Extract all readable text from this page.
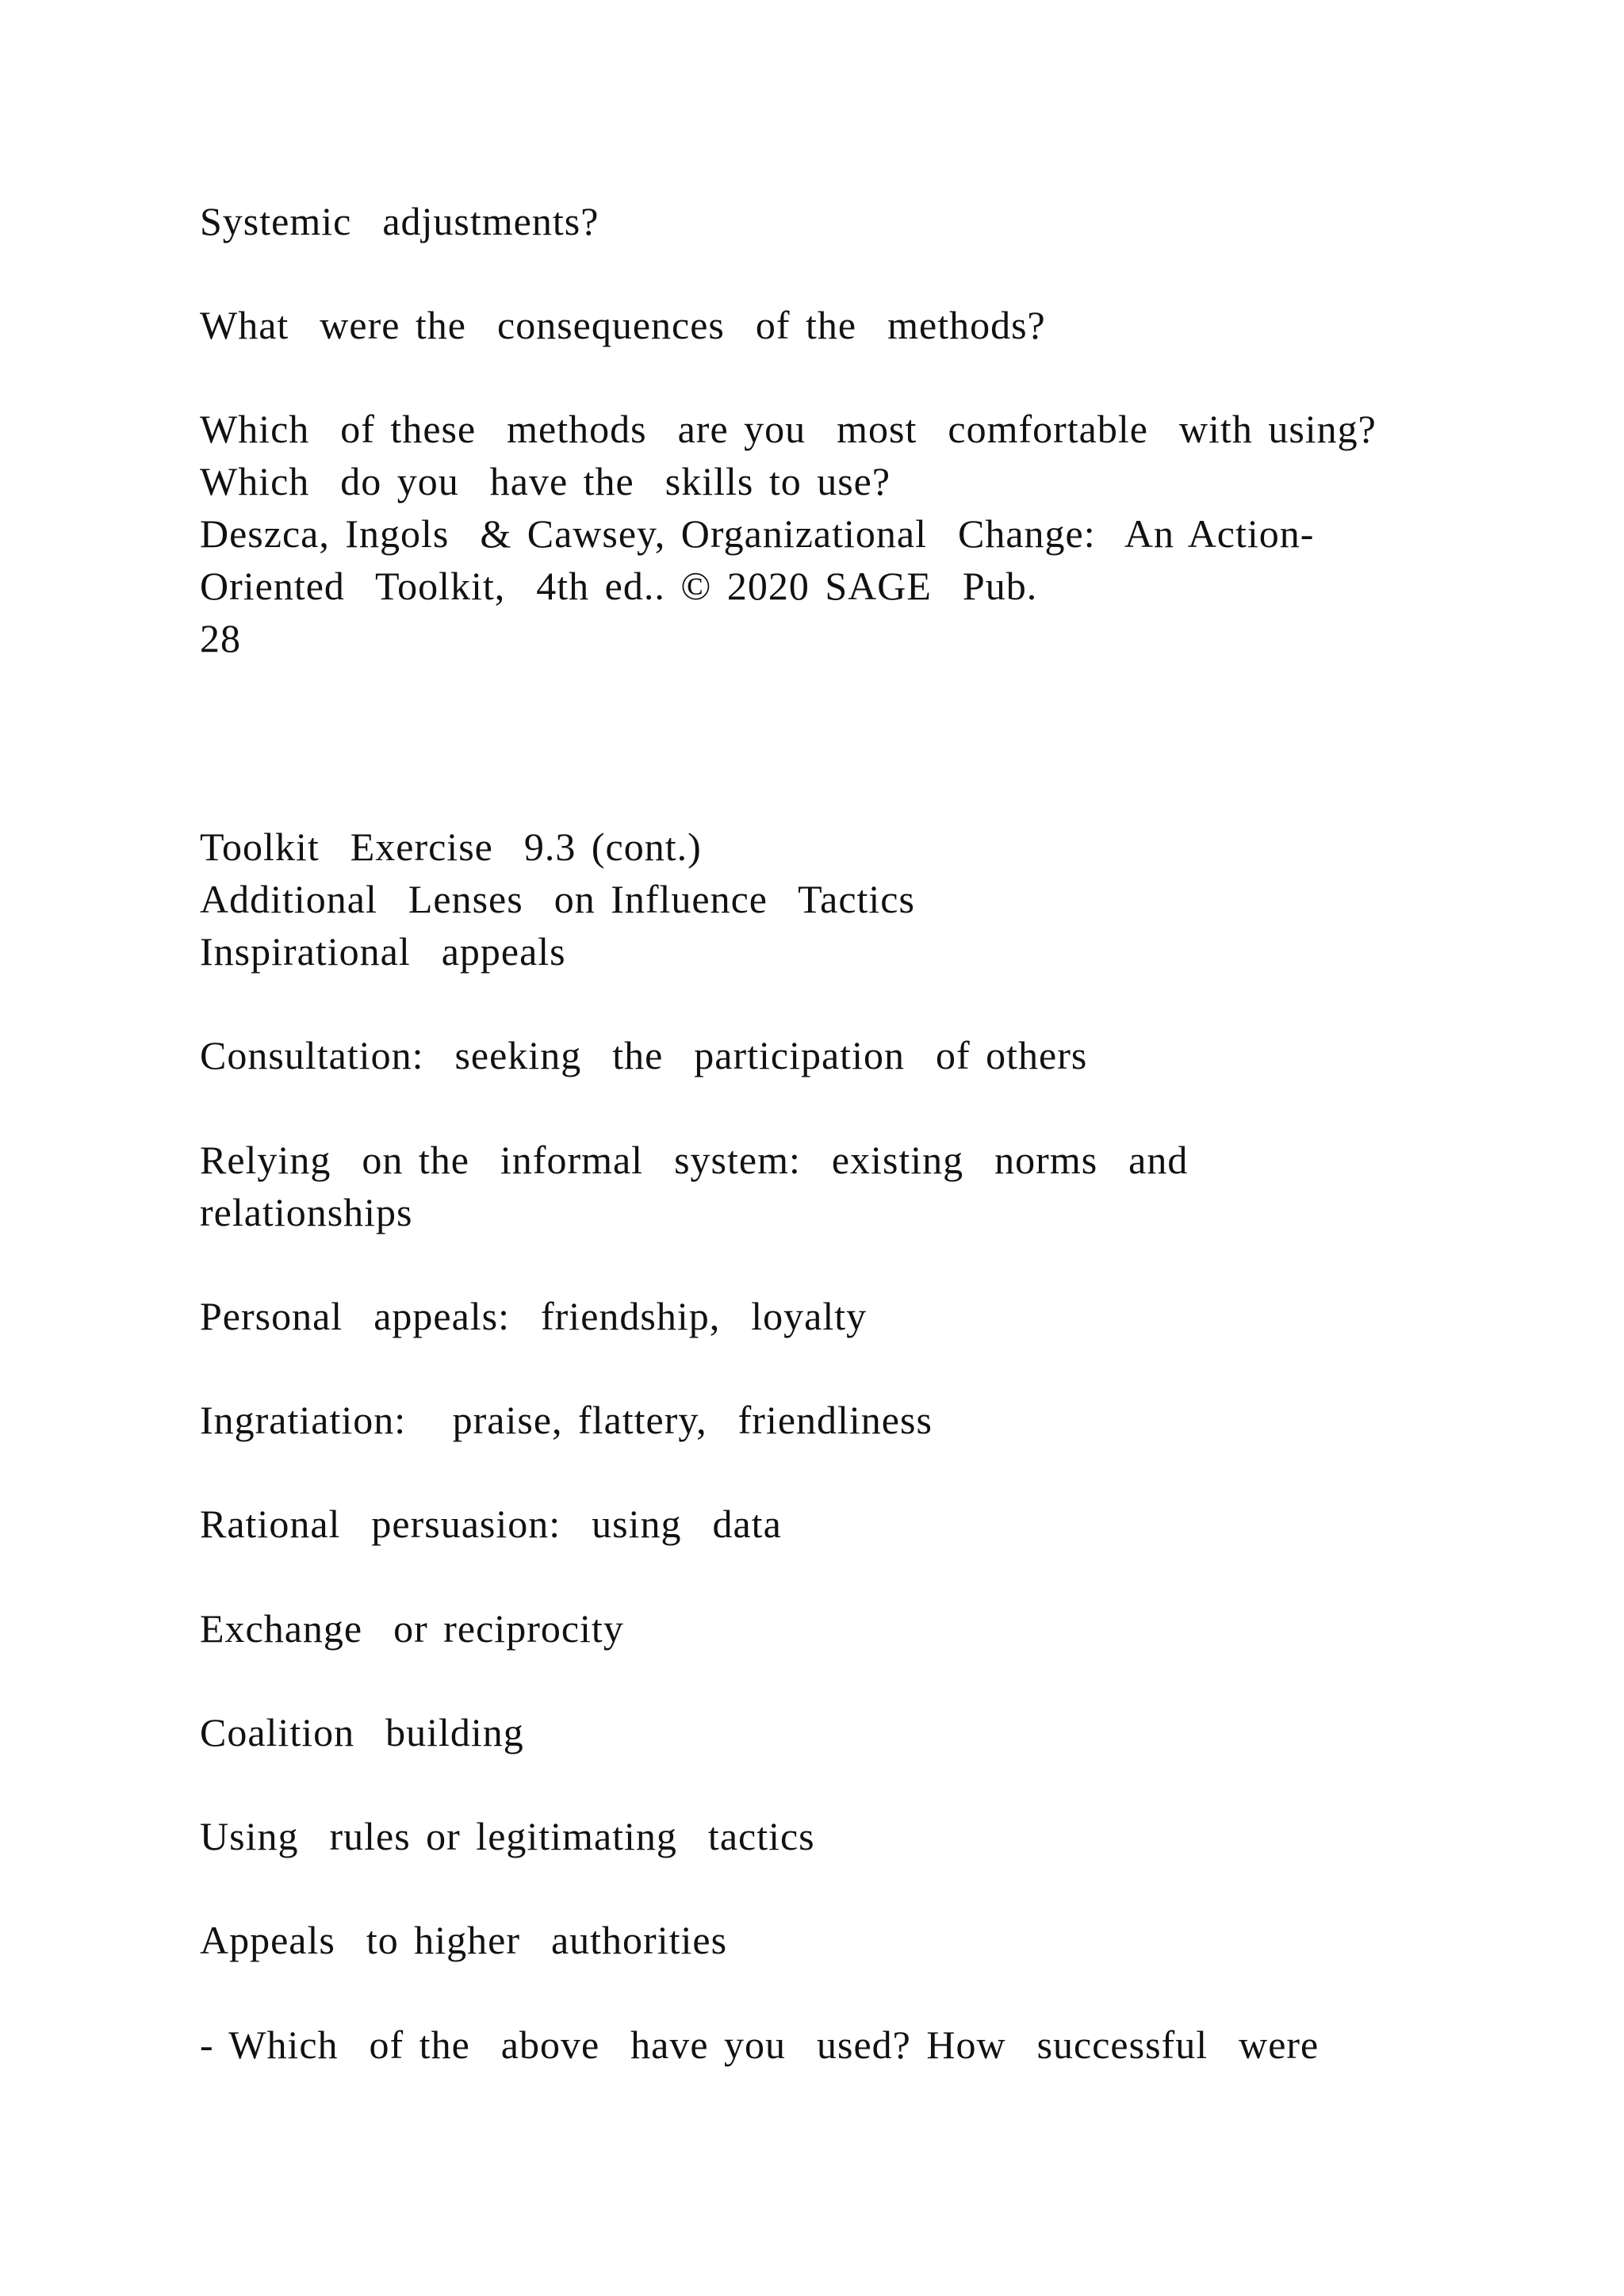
Systemic  adjustments?
What  were the  consequences  of the  methods?
Which  of these  methods  are you  most  comfortable  with using?
Which  do you  have the  skills to use?
Deszca, Ingols  & Cawsey, Organizational  Change:  An Action-
Oriented  Toolkit,  4th ed.. © 2020 SAGE  Pub.
28
Toolkit  Exercise  9.3 (cont.)
Additional  Lenses  on Influence  Tactics
Inspirational  appeals
Consultation:  seeking  the  participation  of others
Relying  on the  informal  system:  existing  norms  and
relationships
Personal  appeals:  friendship,  loyalty
Ingratiation:   praise, flattery,  friendliness
Rational  persuasion:  using  data
Exchange  or reciprocity
Coalition  building
Using  rules or legitimating  tactics
Appeals  to higher  authorities
- Which  of the  above  have you  used? How  successful  were
